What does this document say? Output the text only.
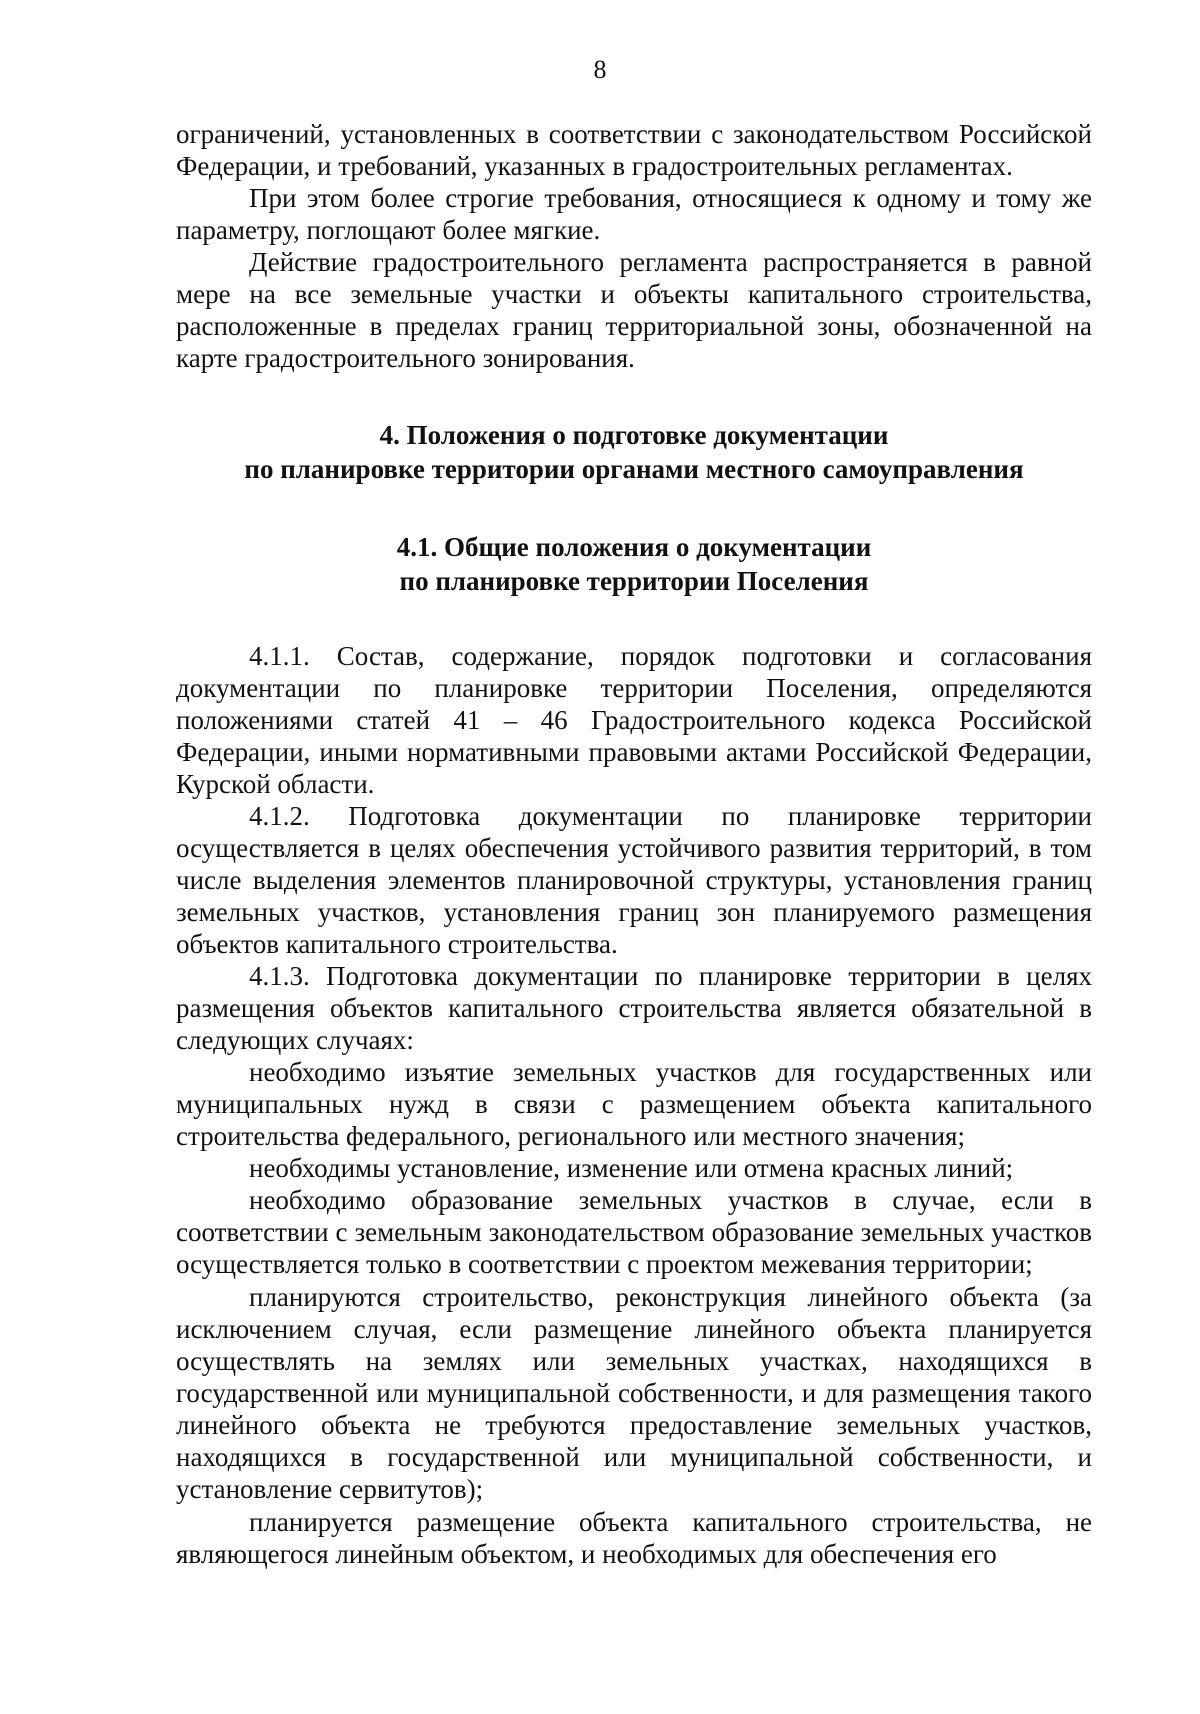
8

ограничений, установленных в соответствии с законодательством Российской Федерации, и требований, указанных в градостроительных регламентах.

При этом более строгие требования, относящиеся к одному и тому же параметру, поглощают более мягкие.

Действие градостроительного регламента распространяется в равной мере на все земельные участки и объекты капитального строительства, расположенные в пределах границ территориальной зоны, обозначенной на карте градостроительного зонирования.

4. Положения о подготовке документации
по планировке территории органами местного самоуправления
4.1. Общие положения о документации
по планировке территории Поселения

4.1.1. Состав, содержание, порядок подготовки и согласования документации по планировке территории Поселения, определяются положениями статей 41 – 46 Градостроительного кодекса Российской Федерации, иными нормативными правовыми актами Российской Федерации, Курской области.

4.1.2. Подготовка документации по планировке территории осуществляется в целях обеспечения устойчивого развития территорий, в том числе выделения элементов планировочной структуры, установления границ земельных участков, установления границ зон планируемого размещения объектов капитального строительства.

4.1.3. Подготовка документации по планировке территории в целях размещения объектов капитального строительства является обязательной в следующих случаях:

необходимо изъятие земельных участков для государственных или муниципальных нужд в связи с размещением объекта капитального строительства федерального, регионального или местного значения;

необходимы установление, изменение или отмена красных линий;

необходимо образование земельных участков в случае, если в соответствии с земельным законодательством образование земельных участков осуществляется только в соответствии с проектом межевания территории;

планируются строительство, реконструкция линейного объекта (за исключением случая, если размещение линейного объекта планируется осуществлять на землях или земельных участках, находящихся в государственной или муниципальной собственности, и для размещения такого линейного объекта не требуются предоставление земельных участков, находящихся в государственной или муниципальной собственности, и установление сервитутов);

планируется размещение объекта капитального строительства, не являющегося линейным объектом, и необходимых для обеспечения его
